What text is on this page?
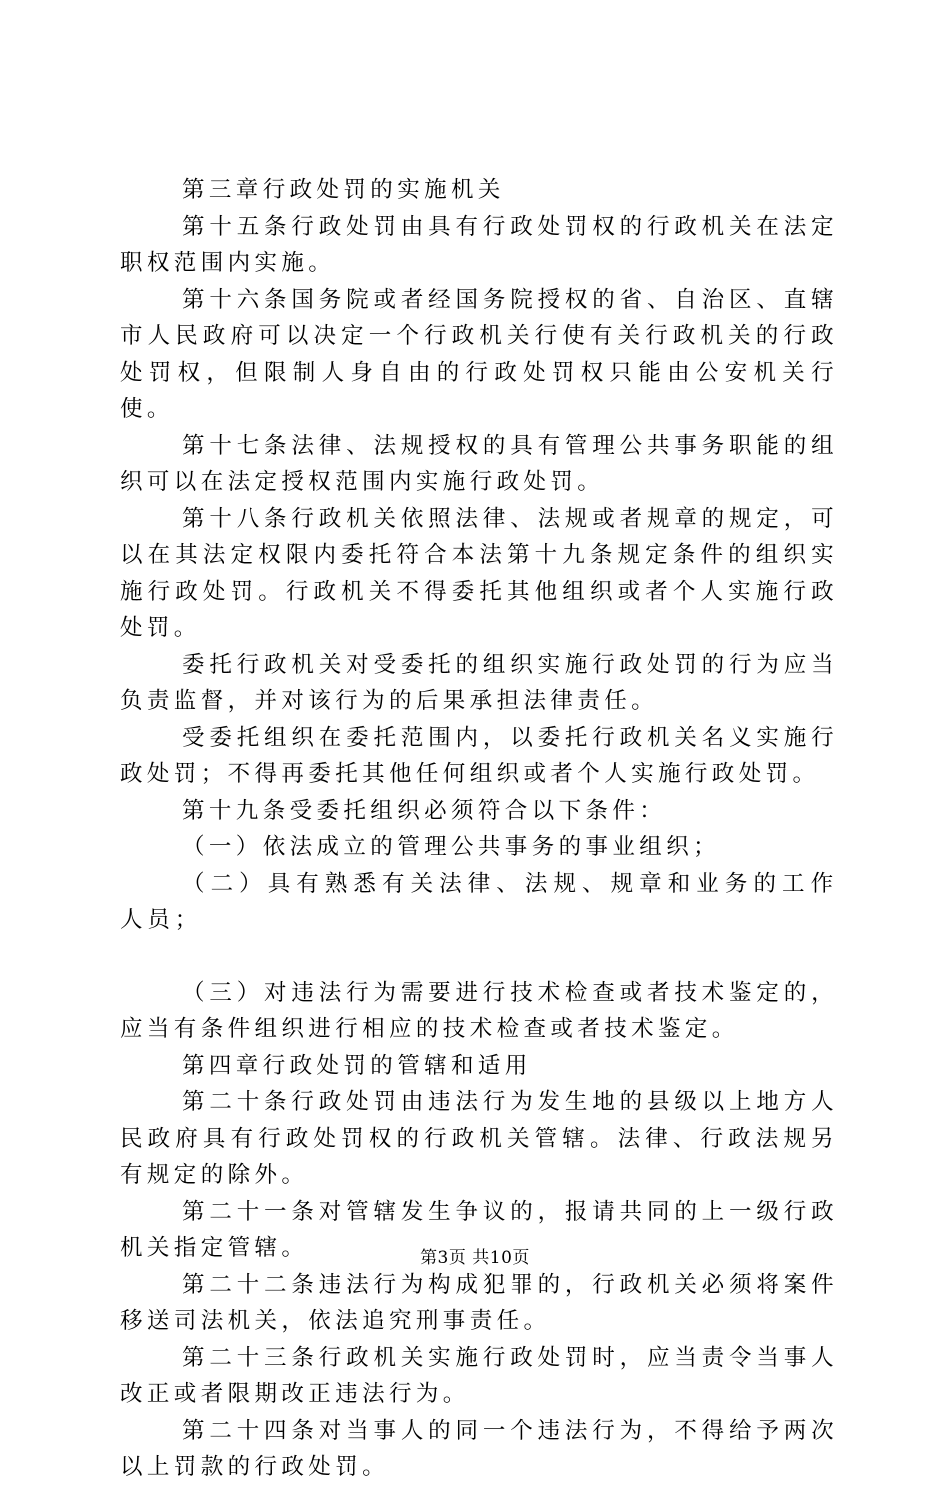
第三章行政处罚的实施机关

第十五条行政处罚由具有行政处罚权的行政机关在法定职权范围内实施。

第十六条国务院或者经国务院授权的省、自治区、直辖市人民政府可以决定一个行政机关行使有关行政机关的行政处罚权，但限制人身自由的行政处罚权只能由公安机关行使。

第十七条法律、法规授权的具有管理公共事务职能的组织可以在法定授权范围内实施行政处罚。

第十八条行政机关依照法律、法规或者规章的规定，可以在其法定权限内委托符合本法第十九条规定条件的组织实施行政处罚。行政机关不得委托其他组织或者个人实施行政处罚。

委托行政机关对受委托的组织实施行政处罚的行为应当负责监督，并对该行为的后果承担法律责任。

受委托组织在委托范围内，以委托行政机关名义实施行政处罚；不得再委托其他任何组织或者个人实施行政处罚。

第十九条受委托组织必须符合以下条件：

（一）依法成立的管理公共事务的事业组织；

（二）具有熟悉有关法律、法规、规章和业务的工作人员；

（三）对违法行为需要进行技术检查或者技术鉴定的，应当有条件组织进行相应的技术检查或者技术鉴定。

第四章行政处罚的管辖和适用

第二十条行政处罚由违法行为发生地的县级以上地方人民政府具有行政处罚权的行政机关管辖。法律、行政法规另有规定的除外。

第二十一条对管辖发生争议的，报请共同的上一级行政机关指定管辖。

第二十二条违法行为构成犯罪的，行政机关必须将案件移送司法机关，依法追究刑事责任。

第二十三条行政机关实施行政处罚时，应当责令当事人改正或者限期改正违法行为。

第二十四条对当事人的同一个违法行为，不得给予两次以上罚款的行政处罚。

第3页 共10页
